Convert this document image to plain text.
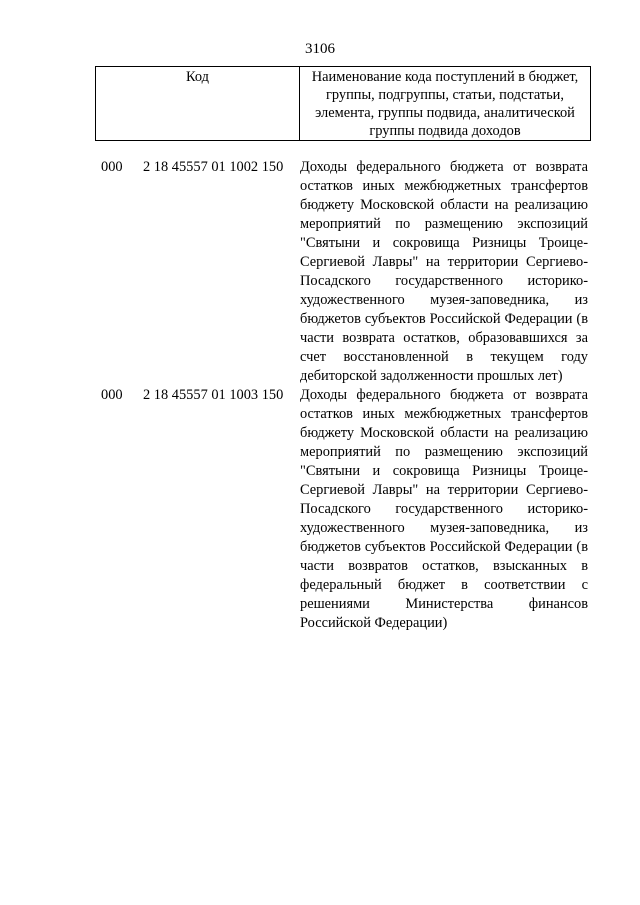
3106
Код	Наименование кода поступлений в бюджет, группы, подгруппы, статьи, подстатьи, элемента, группы подвида, аналитической группы подвида доходов
000 2 18 45557 01 1002 150 Доходы федерального бюджета от возврата остатков иных межбюджетных трансфертов бюджету Московской области на реализацию мероприятий по размещению экспозиций "Святыни и сокровища Ризницы Троице-Сергиевой Лавры" на территории Сергиево-Посадского государственного историко-художественного музея-заповедника, из бюджетов субъектов Российской Федерации (в части возврата остатков, образовавшихся за счет восстановленной в текущем году дебиторской задолженности прошлых лет)
000 2 18 45557 01 1003 150 Доходы федерального бюджета от возврата остатков иных межбюджетных трансфертов бюджету Московской области на реализацию мероприятий по размещению экспозиций "Святыни и сокровища Ризницы Троице-Сергиевой Лавры" на территории Сергиево-Посадского государственного историко-художественного музея-заповедника, из бюджетов субъектов Российской Федерации (в части возвратов остатков, взысканных в федеральный бюджет в соответствии с решениями Министерства финансов Российской Федерации)
